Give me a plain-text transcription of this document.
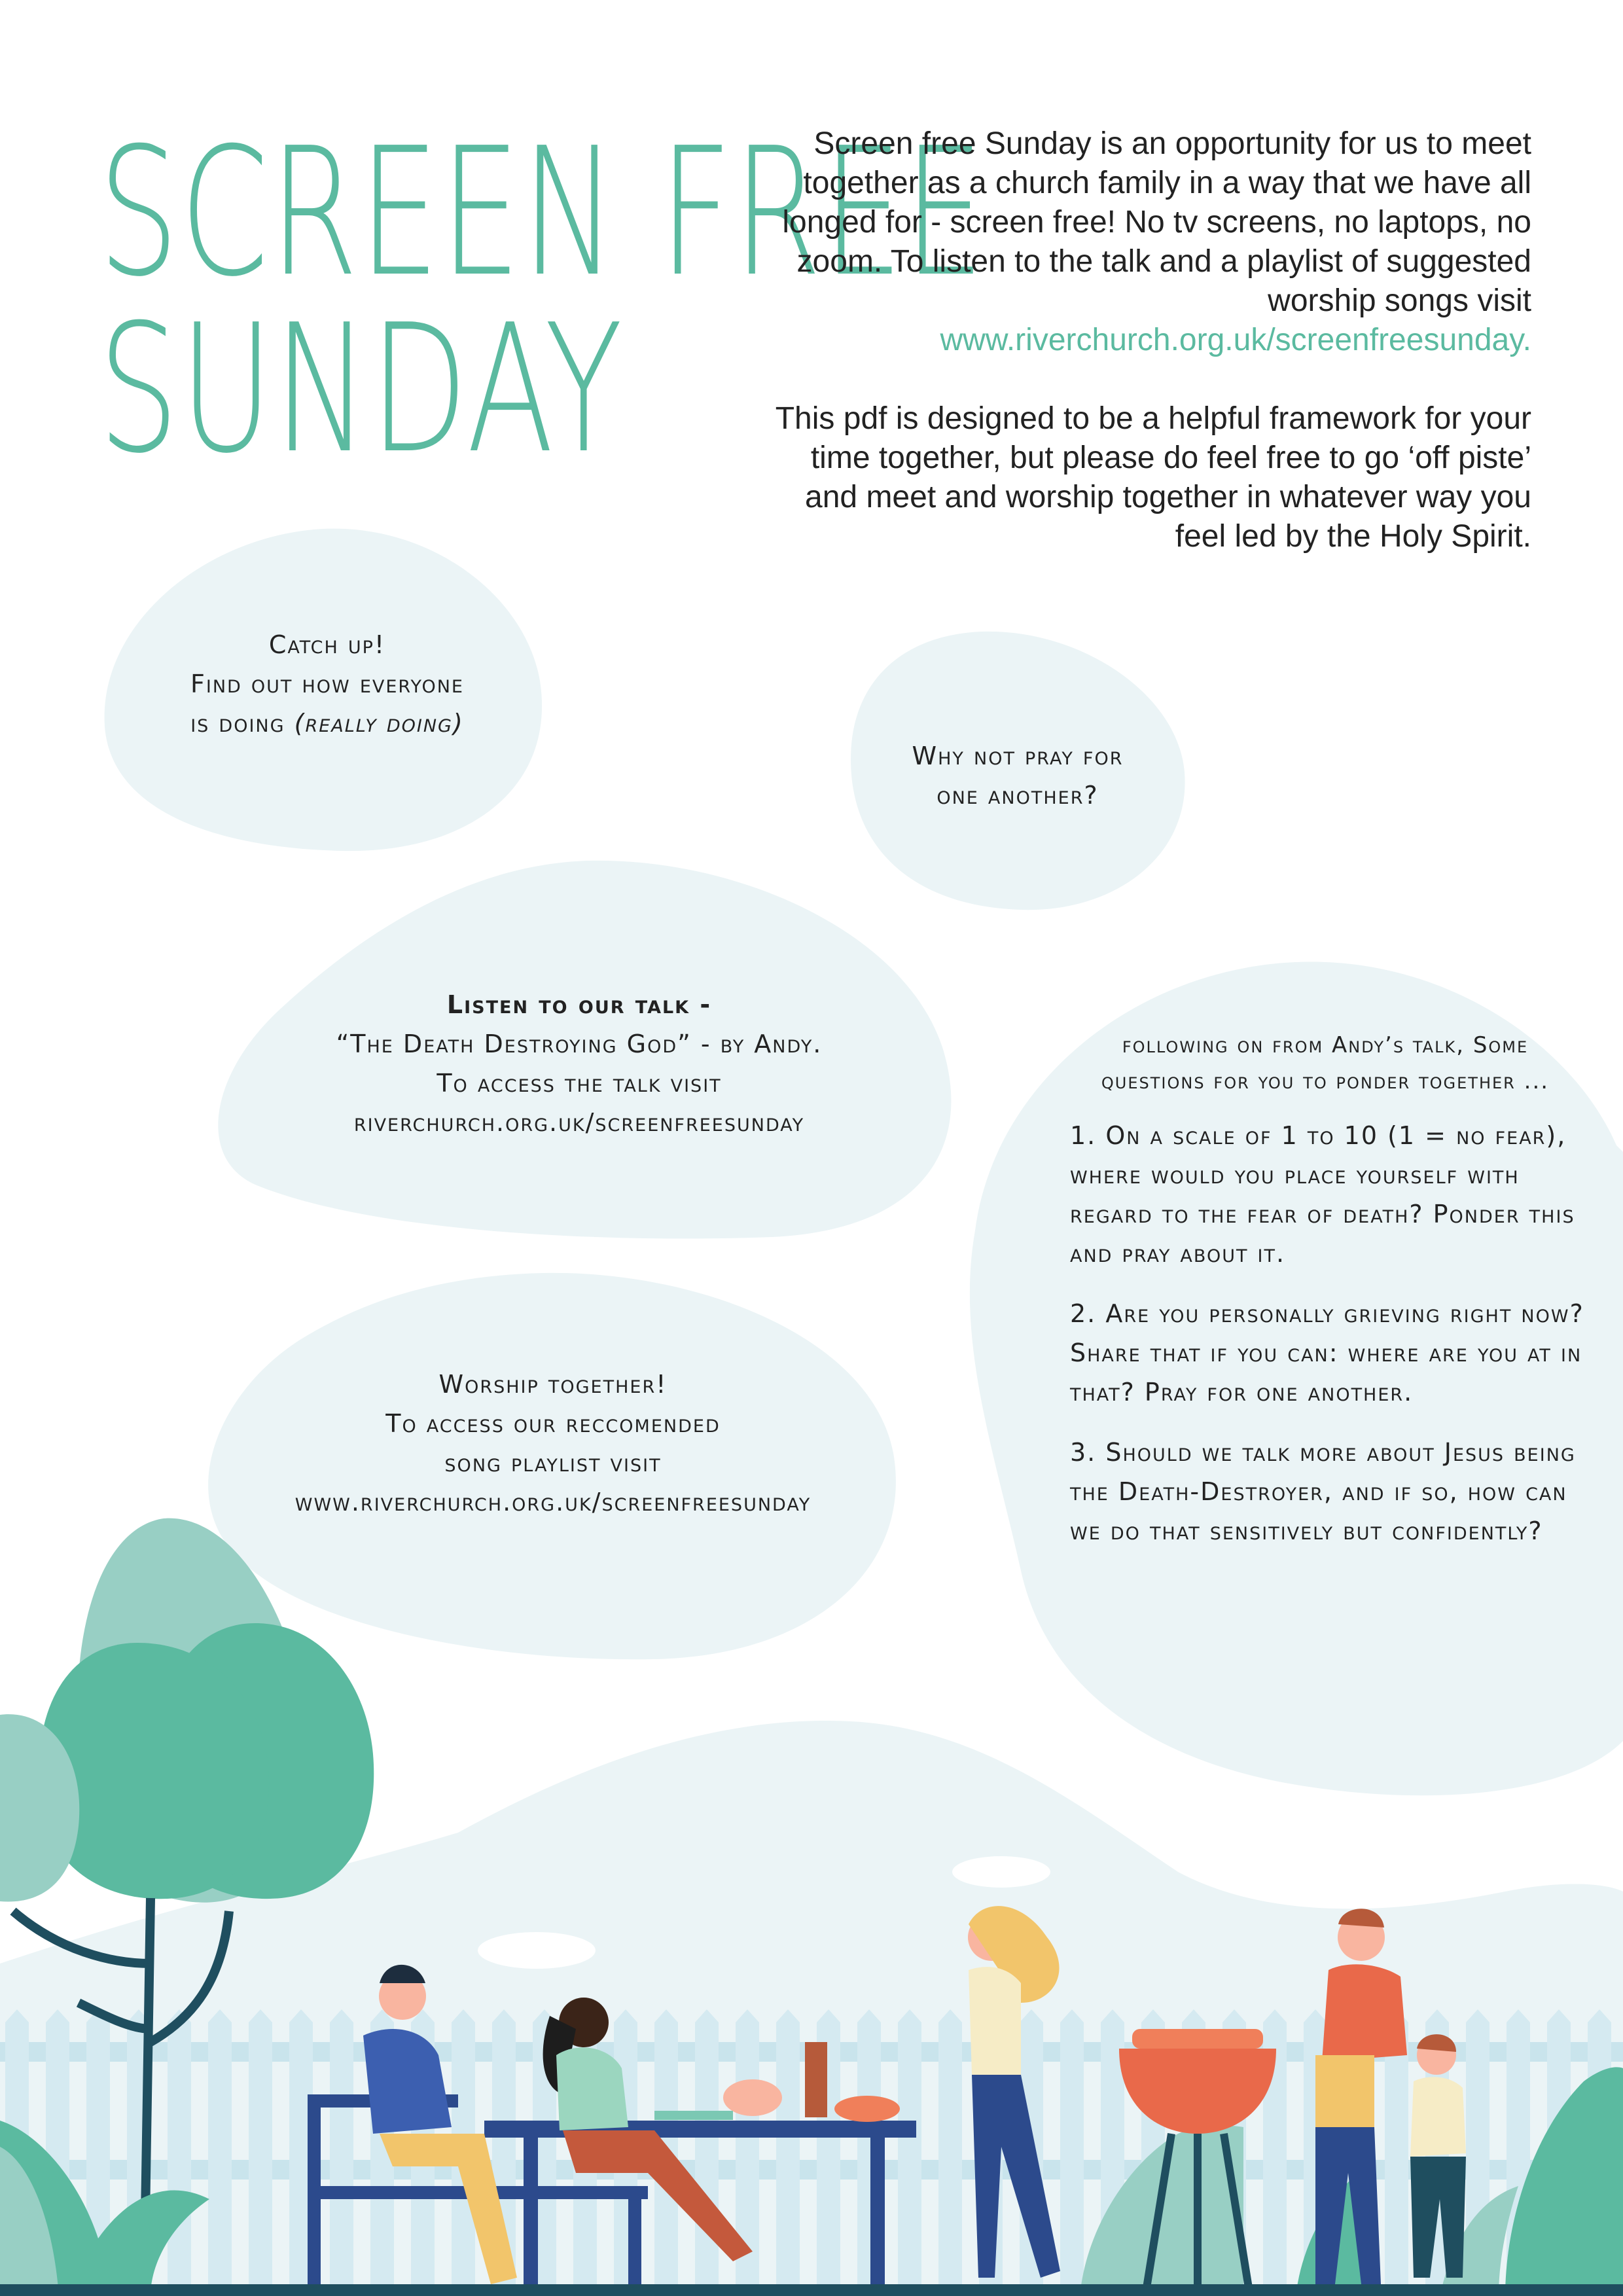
SCREEN FREE
SUNDAY

Screen free Sunday is an opportunity for us to meet together as a church family in a way that we have all longed for - screen free! No tv screens, no laptops, no zoom. To listen to the talk and a playlist of suggested worship songs visit
www.riverchurch.org.uk/screenfreesunday.

This pdf is designed to be a helpful framework for your time together, but please do feel free to go ‘off piste’ and meet and worship together in whatever way you feel led by the Holy Spirit.

Catch up!
Find out how everyone
is doing (really doing)
Why not pray for
one another?
Listen to our talk -
“The Death Destroying God” - by Andy.
To access the talk visit
riverchurch.org.uk/screenfreesunday
Worship together!
To access our reccomended
song playlist visit
www.riverchurch.org.uk/screenfreesunday
following on from Andy’s talk, Some questions for you to ponder together ...

1. On a scale of 1 to 10 (1 = no fear), where would you place yourself with regard to the fear of death? Ponder this and pray about it.

2. Are you personally grieving right now? Share that if you can: where are you at in that? Pray for one another.

3. Should we talk more about Jesus being the Death-Destroyer, and if so, how can we do that sensitively but confidently?
